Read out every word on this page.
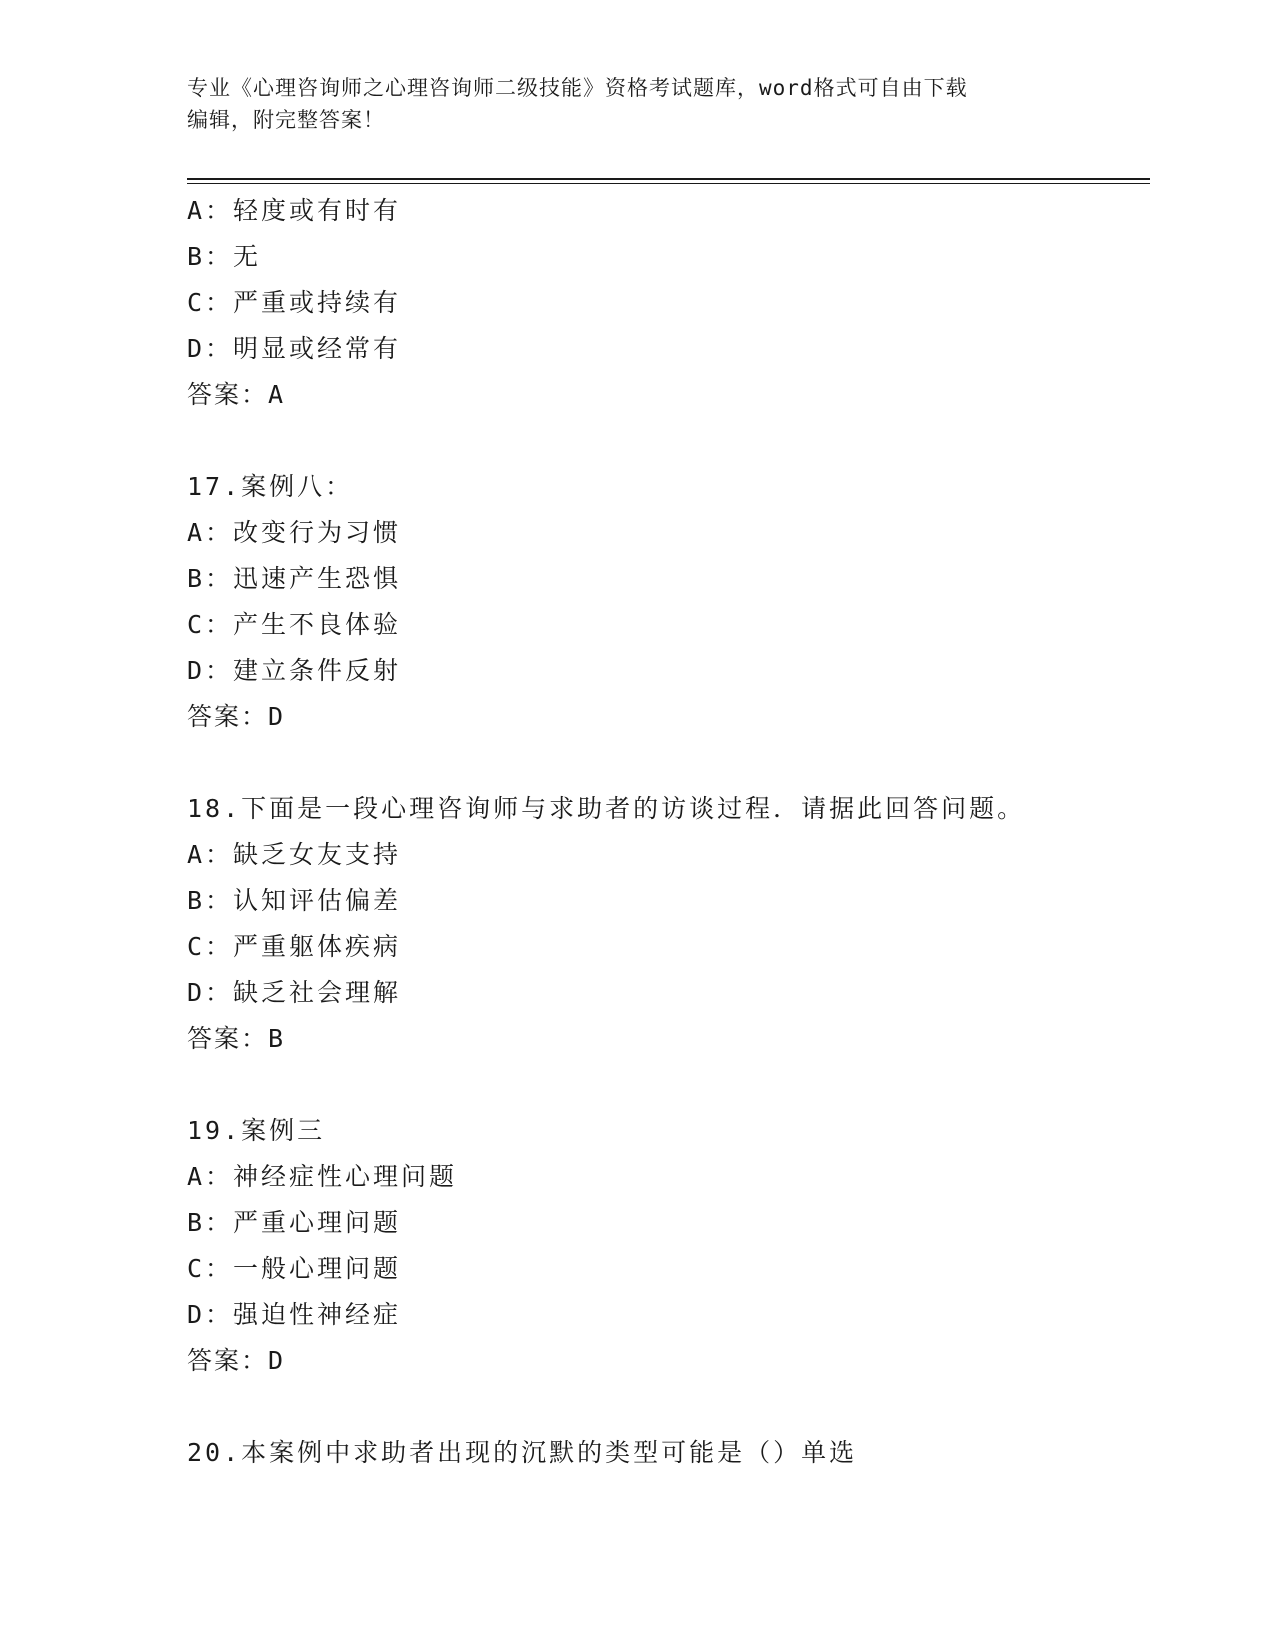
专业《心理咨询师之心理咨询师二级技能》资格考试题库，word格式可自由下载
编辑，附完整答案！
A：轻度或有时有
B：无
C：严重或持续有
D：明显或经常有
答案：A
17.案例八：
A：改变行为习惯
B：迅速产生恐惧
C：产生不良体验
D：建立条件反射
答案：D
18.下面是一段心理咨询师与求助者的访谈过程．请据此回答问题。
A：缺乏女友支持
B：认知评估偏差
C：严重躯体疾病
D：缺乏社会理解
答案：B
19.案例三
A：神经症性心理问题
B：严重心理问题
C：一般心理问题
D：强迫性神经症
答案：D
20.本案例中求助者出现的沉默的类型可能是（）单选
